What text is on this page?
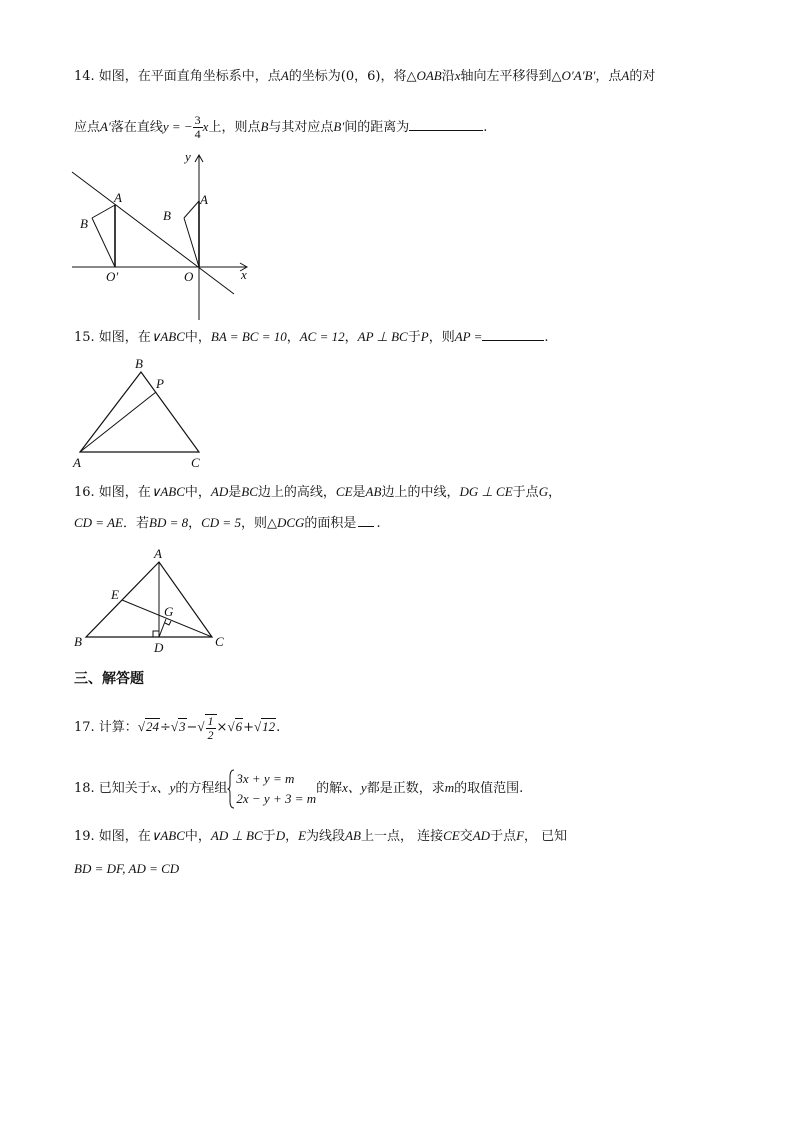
14. 如图，在平面直角坐标系中，点A的坐标为(0，6)，将△OAB沿x轴向左平移得到△O′A′B′，点A的对
应点A′落在直线y = − $\frac{3}{4}$ x上，则点B与其对应点B′间的距离为	.
y
x
A
B
O′
A
B
O
15. 如图，在∨ABC中，BA = BC = 10，AC = 12，AP ⊥ BC于P，则AP =	.
B
P
A	C
16. 如图，在∨ABC中，AD是BC边上的高线，CE是AB边上的中线，DG ⊥ CE于点G，
CD = AE．若BD = 8，CD = 5，则△DCG的面积是 .
A
E
G
B	D	C
三、解答题
17. 计算：$√24\div√3-√ \frac{1}{2} \times√6+√12$.
18. 已知关于x、y的方程组
3x + y = m
2x − y + 3 = m
的解x、y都是正数，求m的取值范围.
19. 如图，在∨ABC中，AD ⊥ BC于D，E为线段AB上一点， 连接CE交AD于点F， 已知
BD = DF, AD = CD
